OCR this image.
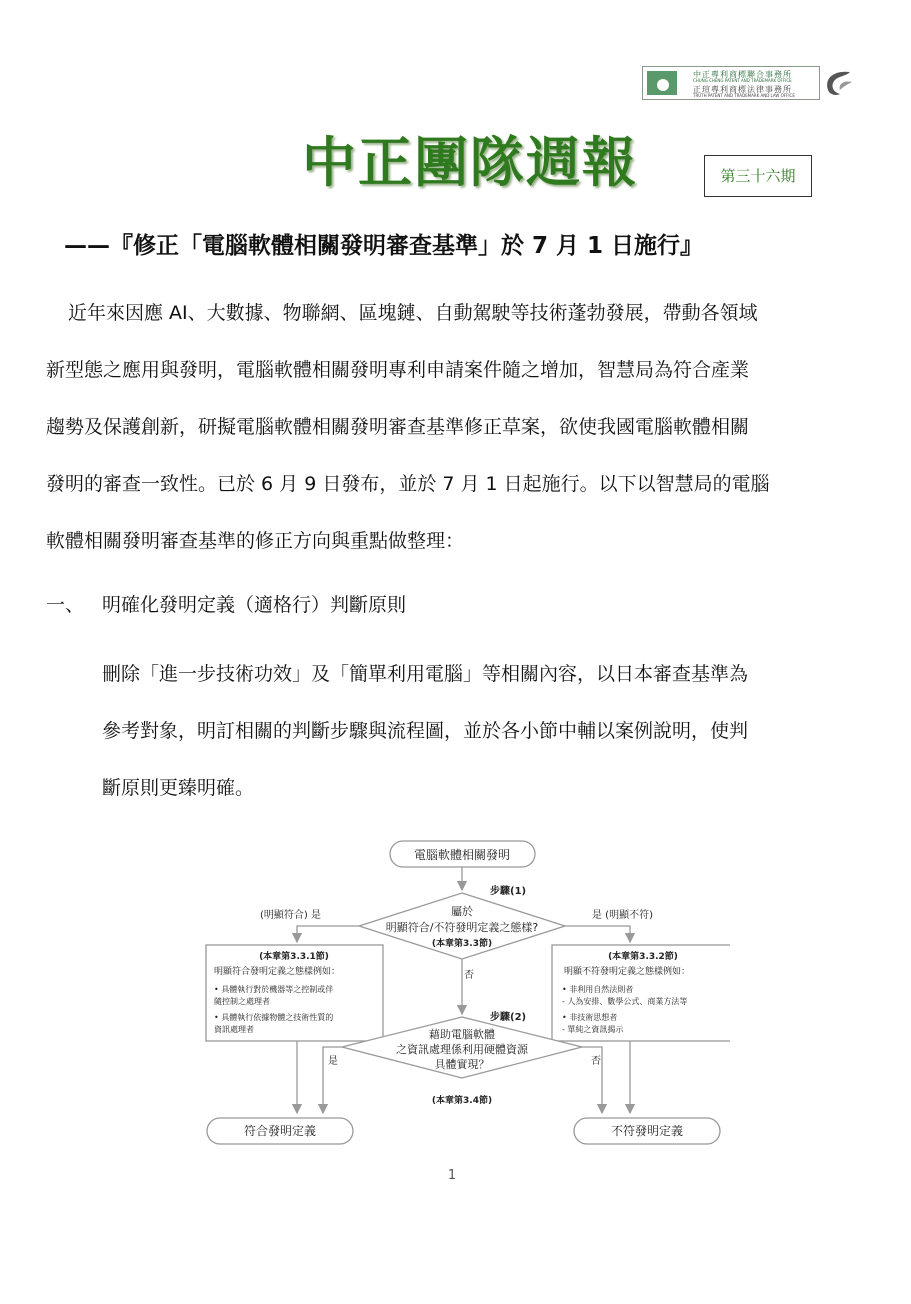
中正專利商標聯合事務所
CHUNG CHENG PATENT AND TRADEMARK OFFICE
正瑄專利商標法律事務所
TRUTH PATENT AND TRADEMARK AND LAW OFFICE
中正團隊週報	第三十六期
——『修正「電腦軟體相關發明審查基準」於 7 月 1 日施行』

近年來因應 AI、大數據、物聯網、區塊鏈、自動駕駛等技術蓬勃發展，帶動各領域

新型態之應用與發明，電腦軟體相關發明專利申請案件隨之增加，智慧局為符合產業

趨勢及保護創新，研擬電腦軟體相關發明審查基準修正草案，欲使我國電腦軟體相關

發明的審查一致性。已於 6 月 9 日發布，並於 7 月 1 日起施行。以下以智慧局的電腦

軟體相關發明審查基準的修正方向與重點做整理：

一、 明確化發明定義（適格行）判斷原則

刪除「進一步技術功效」及「簡單利用電腦」等相關內容，以日本審查基準為

參考對象，明訂相關的判斷步驟與流程圖，並於各小節中輔以案例說明，使判

斷原則更臻明確。

電腦軟體相關發明
步驟(1)
屬於
明顯符合/不符發明定義之態樣?
(本章第3.3節)
(明顯符合) 是	是 (明顯不符)
否
(本章第3.3.1節)
明顯符合發明定義之態樣例如：
• 具體執行對於機器等之控制或伴
隨控制之處理者
• 具體執行依據物體之技術性質的
資訊處理者
(本章第3.3.2節)
明顯不符發明定義之態樣例如：
• 非利用自然法則者
- 人為安排、數學公式、商業方法等
• 非技術思想者
- 單純之資訊揭示
步驟(2)
藉助電腦軟體
之資訊處理係利用硬體資源
具體實現？
(本章第3.4節)
是	否
符合發明定義	不符發明定義
1
